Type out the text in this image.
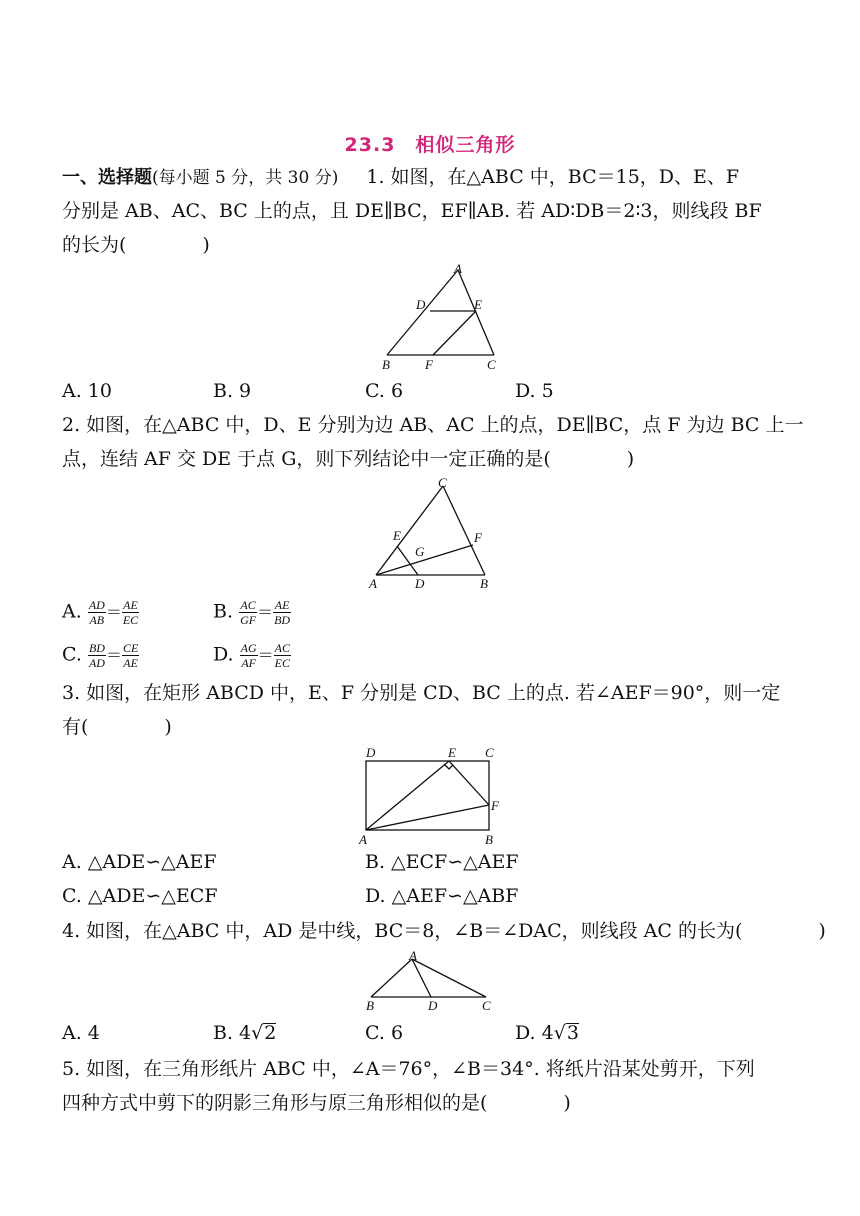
23.3　相似三角形
一、选择题(每小题 5 分，共 30 分) 1. 如图，在△ABC 中，BC＝15，D、E、F
分别是 AB、AC、BC 上的点，且 DE∥BC，EF∥AB. 若 AD∶DB＝2∶3，则线段 BF
的长为(　　　　)
A
D	E
B	F	C
A. 10	B. 9	C. 6	D. 5
2. 如图，在△ABC 中，D、E 分别为边 AB、AC 上的点，DE∥BC，点 F 为边 BC 上一
点，连结 AF 交 DE 于点 G，则下列结论中一定正确的是(　　　　)
C
E
G
F
A	D	B
A. $\frac{AD}{AB} = \frac{AE}{EC}$	B. $\frac{AC}{GF} = \frac{AE}{BD}$
C. $\frac{BD}{AD} = \frac{CE}{AE}$	D. $\frac{AG}{AF} = \frac{AC}{EC}$
3. 如图，在矩形 ABCD 中，E、F 分别是 CD、BC 上的点. 若∠AEF＝90°，则一定
有(　　　　)
D	E C
F
A	B
A. △ADE∽△AEF	B. △ECF∽△AEF
C. △ADE∽△ECF	D. △AEF∽△ABF
4. 如图，在△ABC 中，AD 是中线，BC＝8，∠B＝∠DAC，则线段 AC 的长为(　　　　)
A
B	D	C
A. 4	B. 4√2	C. 6	D. 4√3
5. 如图，在三角形纸片 ABC 中，∠A＝76°，∠B＝34°. 将纸片沿某处剪开，下列
四种方式中剪下的阴影三角形与原三角形相似的是(　　　　)
